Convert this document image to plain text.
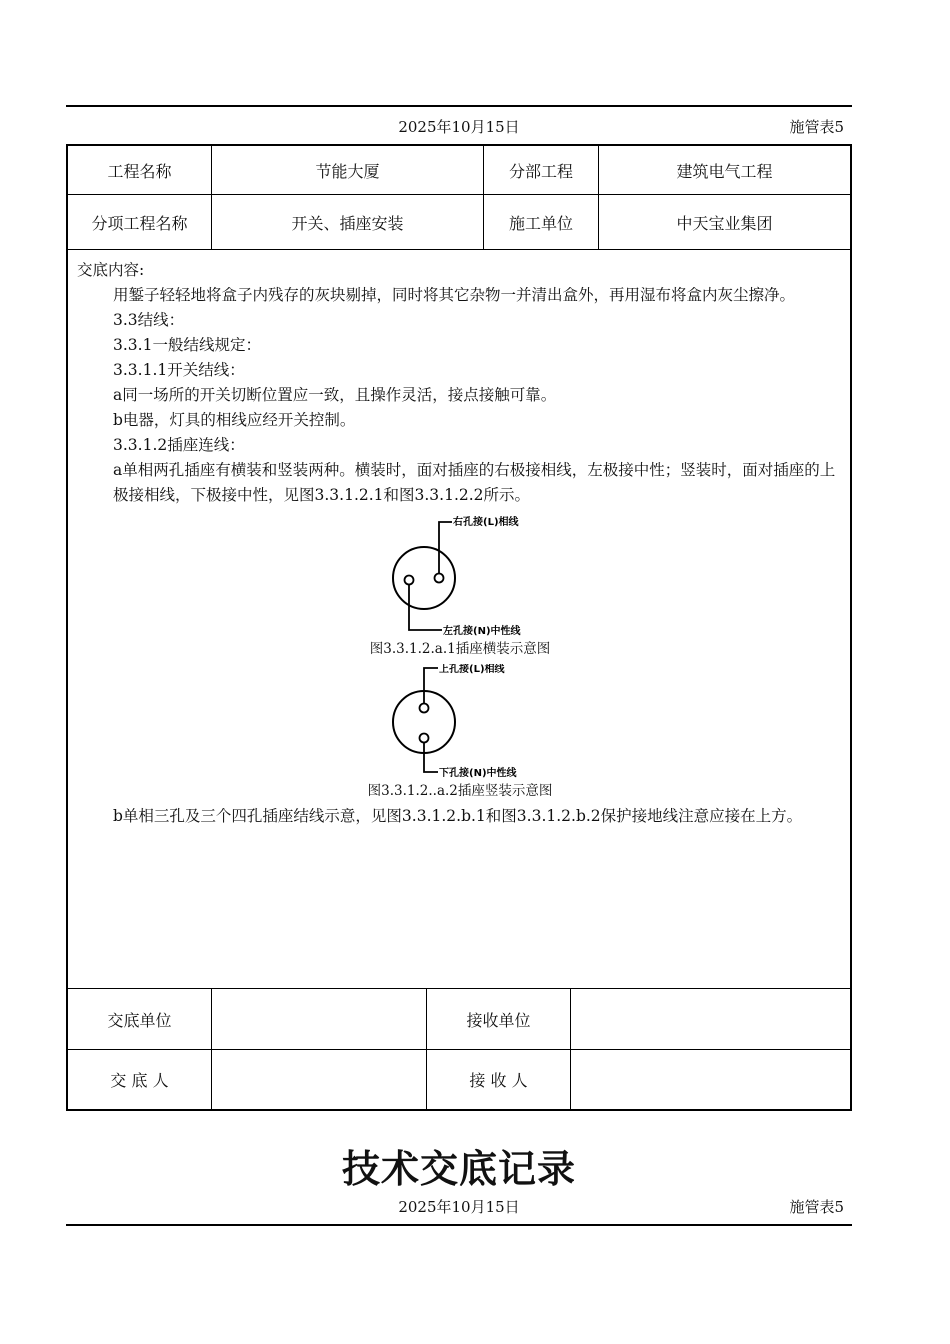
2025年10月15日	施管表5
工程名称	节能大厦	分部工程	建筑电气工程
分项工程名称	开关、插座安装	施工单位	中天宝业集团
交底内容:

用錾子轻轻地将盒子内残存的灰块剔掉，同时将其它杂物一并清出盒外，再用湿布将盒内灰尘擦净。

3.3结线：

3.3.1一般结线规定：

3.3.1.1开关结线：

a同一场所的开关切断位置应一致，且操作灵活，接点接触可靠。

b电器，灯具的相线应经开关控制。

3.3.1.2插座连线：

a单相两孔插座有横装和竖装两种。横装时，面对插座的右极接相线，左极接中性；竖装时，面对插座的上极接相线，下极接中性，见图3.3.1.2.1和图3.3.1.2.2所示。

右孔接(L)相线
左孔接(N)中性线
图3.3.1.2.a.1插座横装示意图
上孔接(L)相线
下孔接(N)中性线
图3.3.1.2..a.2插座竖装示意图

b单相三孔及三个四孔插座结线示意，见图3.3.1.2.b.1和图3.3.1.2.b.2保护接地线注意应接在上方。

交底单位	接收单位
交 底 人	接 收 人
技术交底记录
2025年10月15日	施管表5
